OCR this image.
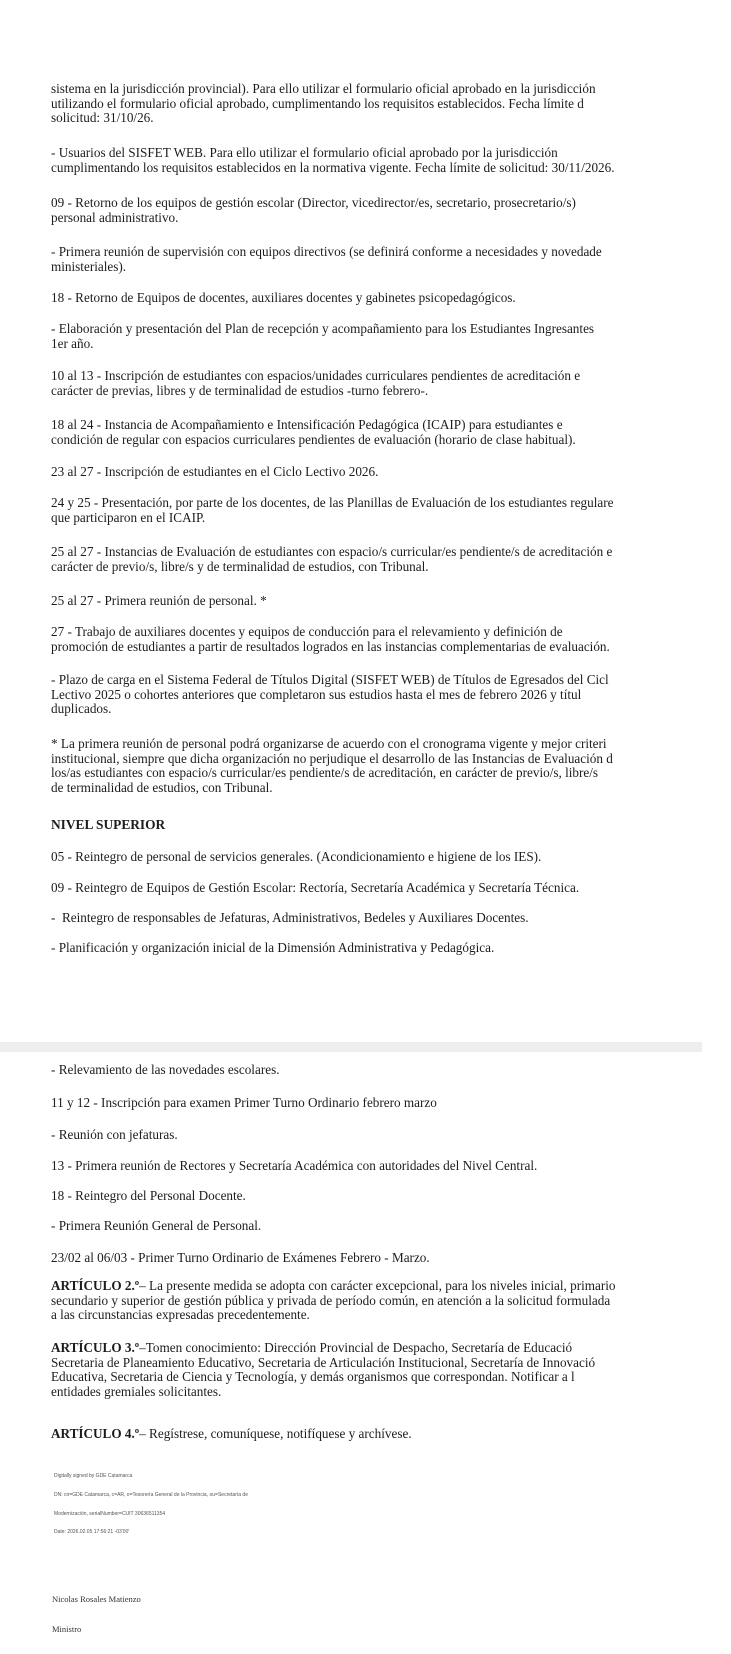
sistema en la jurisdicción provincial). Para ello utilizar el formulario oficial aprobado en la jurisdicción
utilizando el formulario oficial aprobado, cumplimentando los requisitos establecidos. Fecha límite d
solicitud: 31/10/26.

- Usuarios del SISFET WEB. Para ello utilizar el formulario oficial aprobado por la jurisdicción
cumplimentando los requisitos establecidos en la normativa vigente. Fecha límite de solicitud: 30/11/2026.

09 - Retorno de los equipos de gestión escolar (Director, vicedirector/es, secretario, prosecretario/s)
personal administrativo.

- Primera reunión de supervisión con equipos directivos (se definirá conforme a necesidades y novedade
ministeriales).

18 - Retorno de Equipos de docentes, auxiliares docentes y gabinetes psicopedagógicos.

- Elaboración y presentación del Plan de recepción y acompañamiento para los Estudiantes Ingresantes
1er año.

10 al 13 - Inscripción de estudiantes con espacios/unidades curriculares pendientes de acreditación e
carácter de previas, libres y de terminalidad de estudios -turno febrero-.

18 al 24 - Instancia de Acompañamiento e Intensificación Pedagógica (ICAIP) para estudiantes e
condición de regular con espacios curriculares pendientes de evaluación (horario de clase habitual).

23 al 27 - Inscripción de estudiantes en el Ciclo Lectivo 2026.

24 y 25 - Presentación, por parte de los docentes, de las Planillas de Evaluación de los estudiantes regulare
que participaron en el ICAIP.

25 al 27 - Instancias de Evaluación de estudiantes con espacio/s curricular/es pendiente/s de acreditación e
carácter de previo/s, libre/s y de terminalidad de estudios, con Tribunal.

25 al 27 - Primera reunión de personal. *

27 - Trabajo de auxiliares docentes y equipos de conducción para el relevamiento y definición de
promoción de estudiantes a partir de resultados logrados en las instancias complementarias de evaluación.

- Plazo de carga en el Sistema Federal de Títulos Digital (SISFET WEB) de Títulos de Egresados del Cicl
Lectivo 2025 o cohortes anteriores que completaron sus estudios hasta el mes de febrero 2026 y títul
duplicados.

* La primera reunión de personal podrá organizarse de acuerdo con el cronograma vigente y mejor criteri
institucional, siempre que dicha organización no perjudique el desarrollo de las Instancias de Evaluación d
los/as estudiantes con espacio/s curricular/es pendiente/s de acreditación, en carácter de previo/s, libre/s
de terminalidad de estudios, con Tribunal.

NIVEL SUPERIOR

05 - Reintegro de personal de servicios generales. (Acondicionamiento e higiene de los IES).

09 - Reintegro de Equipos de Gestión Escolar: Rectoría, Secretaría Académica y Secretaría Técnica.

-  Reintegro de responsables de Jefaturas, Administrativos, Bedeles y Auxiliares Docentes.

- Planificación y organización inicial de la Dimensión Administrativa y Pedagógica.

- Relevamiento de las novedades escolares.

11 y 12 - Inscripción para examen Primer Turno Ordinario febrero marzo

- Reunión con jefaturas.

13 - Primera reunión de Rectores y Secretaría Académica con autoridades del Nivel Central.

18 - Reintegro del Personal Docente.

- Primera Reunión General de Personal.

23/02 al 06/03 - Primer Turno Ordinario de Exámenes Febrero - Marzo.

ARTÍCULO 2.º– La presente medida se adopta con carácter excepcional, para los niveles inicial, primario
secundario y superior de gestión pública y privada de período común, en atención a la solicitud formulada
a las circunstancias expresadas precedentemente.

ARTÍCULO 3.º–Tomen conocimiento: Dirección Provincial de Despacho, Secretaría de Educació
Secretaria de Planeamiento Educativo, Secretaria de Articulación Institucional, Secretaría de Innovació
Educativa, Secretaria de Ciencia y Tecnología, y demás organismos que correspondan. Notificar a l
entidades gremiales solicitantes.

ARTÍCULO 4.º– Regístrese, comuníquese, notifíquese y archívese.

Digitally signed by GDE Catamarca

DN: cn=GDE Catamarca, c=AR, o=Tesorería General de la Provincia, ou=Secretaría de

Modernización, serialNumber=CUIT 30636511354

Date: 2026.02.05 17:56:21 -03'00'

Nicolas Rosales Matienzo

Ministro
